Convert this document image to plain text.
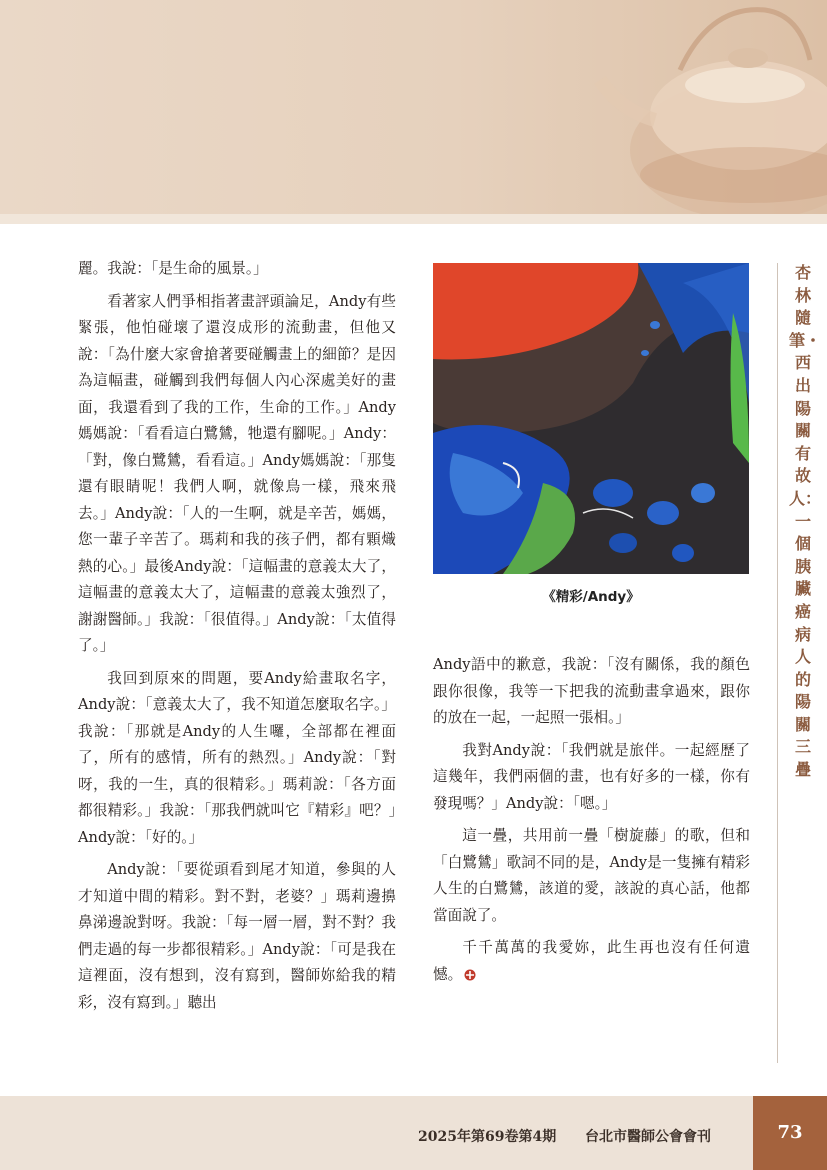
麗。我說：「是生命的風景。」

看著家人們爭相指著畫評頭論足，Andy有些緊張，他怕碰壞了還沒成形的流動畫，但他又說：「為什麼大家會搶著要碰觸畫上的細節？是因為這幅畫，碰觸到我們每個人內心深處美好的畫面，我還看到了我的工作，生命的工作。」Andy媽媽說：「看看這白鷺鷥，牠還有腳呢。」Andy：「對，像白鷺鷥，看看這。」Andy媽媽說：「那隻還有眼睛呢！我們人啊，就像鳥一樣，飛來飛去。」Andy說：「人的一生啊，就是辛苦，媽媽，您一輩子辛苦了。瑪莉和我的孩子們，都有顆熾熱的心。」最後Andy說：「這幅畫的意義太大了，這幅畫的意義太大了，這幅畫的意義太強烈了，謝謝醫師。」我說：「很值得。」Andy說：「太值得了。」

我回到原來的問題，要Andy給畫取名字，Andy說：「意義太大了，我不知道怎麼取名字。」我說：「那就是Andy的人生囉，全部都在裡面了，所有的感情，所有的熱烈。」Andy說：「對呀，我的一生，真的很精彩。」瑪莉說：「各方面都很精彩。」我說：「那我們就叫它『精彩』吧？」Andy說：「好的。」

Andy說：「要從頭看到尾才知道，參與的人才知道中間的精彩。對不對，老婆？」瑪莉邊擤鼻涕邊說對呀。我說：「每一層一層，對不對？我們走過的每一步都很精彩。」Andy說：「可是我在這裡面，沒有想到，沒有寫到，醫師妳給我的精彩，沒有寫到。」聽出

《精彩/Andy》

Andy語中的歉意，我說：「沒有關係，我的顏色跟你很像，我等一下把我的流動畫拿過來，跟你的放在一起，一起照一張相。」

我對Andy說：「我們就是旅伴。一起經歷了這幾年，我們兩個的畫，也有好多的一樣，你有發現嗎？」Andy說：「嗯。」

這一疊，共用前一疊「樹旋藤」的歌，但和「白鷺鷥」歌詞不同的是，Andy是一隻擁有精彩人生的白鷺鷥，該道的愛，該說的真心話，他都當面說了。

千千萬萬的我愛妳，此生再也沒有任何遺憾。

杏林隨筆・西出陽關有故人：一個胰臟癌病人的陽關三疊
2025年第69卷第4期 台北市醫師公會會刊	73
